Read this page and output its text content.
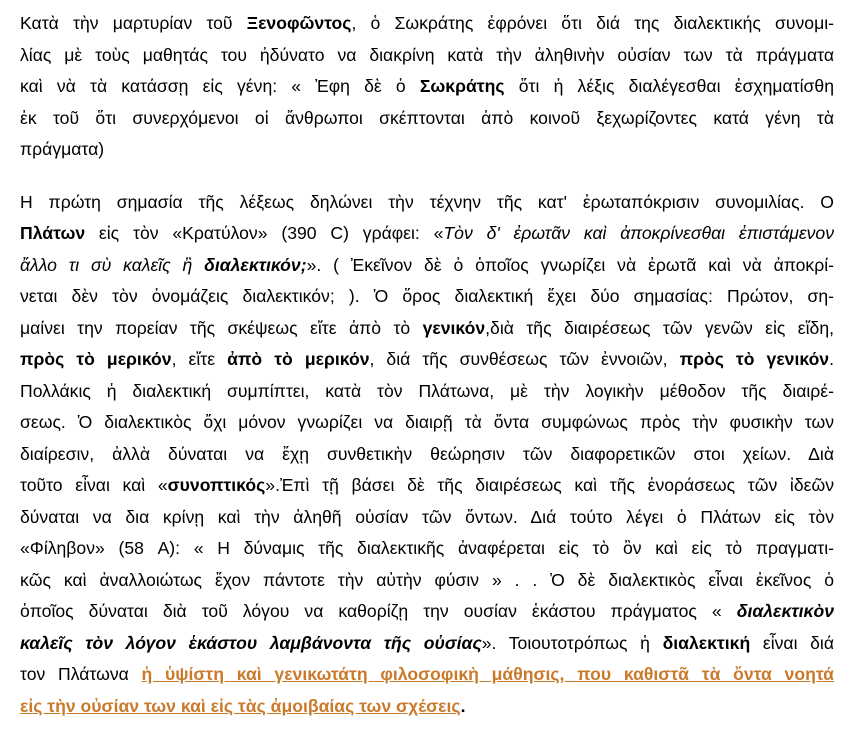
Κατὰ τὴν μαρτυρίαν τοῦ Ξενοφῶντος, ὁ Σωκράτης ἐφρόνει ὅτι διά της διαλεκτικής συνομι-
λίας μὲ τοὺς μαθητάς του ἠδύνατο να διακρίνη κατὰ τὴν ἀληθινὴν οὐσίαν των τὰ πράγματα
καὶ νὰ τὰ κατάσσῃ εἰς γένη: « Ἐφη δὲ ὁ Σωκράτης ὅτι ἡ λέξις διαλέγεσθαι ἐσχηματίσθη
ἐκ τοῦ ὅτι συνερχόμενοι οἱ ἄνθρωποι σκέπτονται ἀπὸ κοινοῦ ξεχωρίζοντες κατά γένη τὰ
πράγματα)
Η πρώτη σημασία τῆς λέξεως δηλώνει τὴν τέχνην τῆς κατ' ἐρωταπόκρισιν συνομιλίας. Ο
Πλάτων εἰς τὸν «Κρατύλον» (390 C) γράφει: «Τὸν δ' ἐρωτᾶν καὶ ἀποκρίνεσθαι ἐπιστάμενον
ἄλλο τι σὺ καλεῖς ἢ διαλεκτικόν;». ( Ἐκεῖνον δὲ ὁ ὁποῖος γνωρίζει νὰ ἐρωτᾶ καὶ νὰ ἀποκρί-
νεται δὲν τὸν ὀνομάζεις διαλεκτικόν; ). Ὁ ὅρος διαλεκτική ἔχει δύο σημασίας: Πρώτον, ση-
μαίνει την πορείαν τῆς σκέψεως εἴτε ἀπὸ τὸ γενικόν,διὰ τῆς διαιρέσεως τῶν γενῶν εἰς εἴδη,
πρὸς τὸ μερικόν, εἴτε ἀπὸ τὸ μερικόν, διά τῆς συνθέσεως τῶν ἐννοιῶν, πρὸς τὸ γενικόν.
Πολλάκις ἡ διαλεκτική συμπίπτει, κατὰ τὸν Πλάτωνα, μὲ τὴν λογικὴν μέθοδον τῆς διαιρέ-
σεως. Ὁ διαλεκτικὸς ὄχι μόνον γνωρίζει να διαιρῇ τὰ ὄντα συμφώνως πρὸς τὴν φυσικὴν των
διαίρεσιν, ἀλλὰ δύναται να ἔχῃ συνθετικὴν θεώρησιν τῶν διαφορετικῶν στοι χείων. Διὰ
τοῦτο εἶναι καὶ «συνοπτικός».Ἐπὶ τῇ βάσει δὲ τῆς διαιρέσεως καὶ τῆς ἐνοράσεως τῶν ἰδεῶν
δύναται να δια κρίνῃ καὶ τὴν ἀληθῆ οὐσίαν τῶν ὄντων. Διά τούτο λέγει ὁ Πλάτων εἰς τὸν
«Φίληβον» (58 A): « Η δύναμις τῆς διαλεκτικῆς ἀναφέρεται εἰς τὸ ὂν καὶ εἰς τὸ πραγματι-
κῶς καὶ ἀναλλοιώτως ἔχον πάντοτε τὴν αὐτὴν φύσιν » . . Ὁ δὲ διαλεκτικὸς εἶναι ἐκεῖνος ὁ
ὁποῖος δύναται διὰ τοῦ λόγου να καθορίζῃ την ουσίαν ἑκάστου πράγματος « διαλεκτικὸν
καλεῖς τὸν λόγον ἑκάστου λαμβάνοντα τῆς οὐσίας». Τοιουτοτρόπως ἡ διαλεκτική εἶναι διά
τον Πλάτωνα ἡ ὑψίστη καὶ γενικωτάτη φιλοσοφικὴ μάθησις, που καθιστᾶ τὰ ὄντα νοητά
εἰς τὴν οὐσίαν των καὶ εἰς τὰς ἀμοιβαίας των σχέσεις.
